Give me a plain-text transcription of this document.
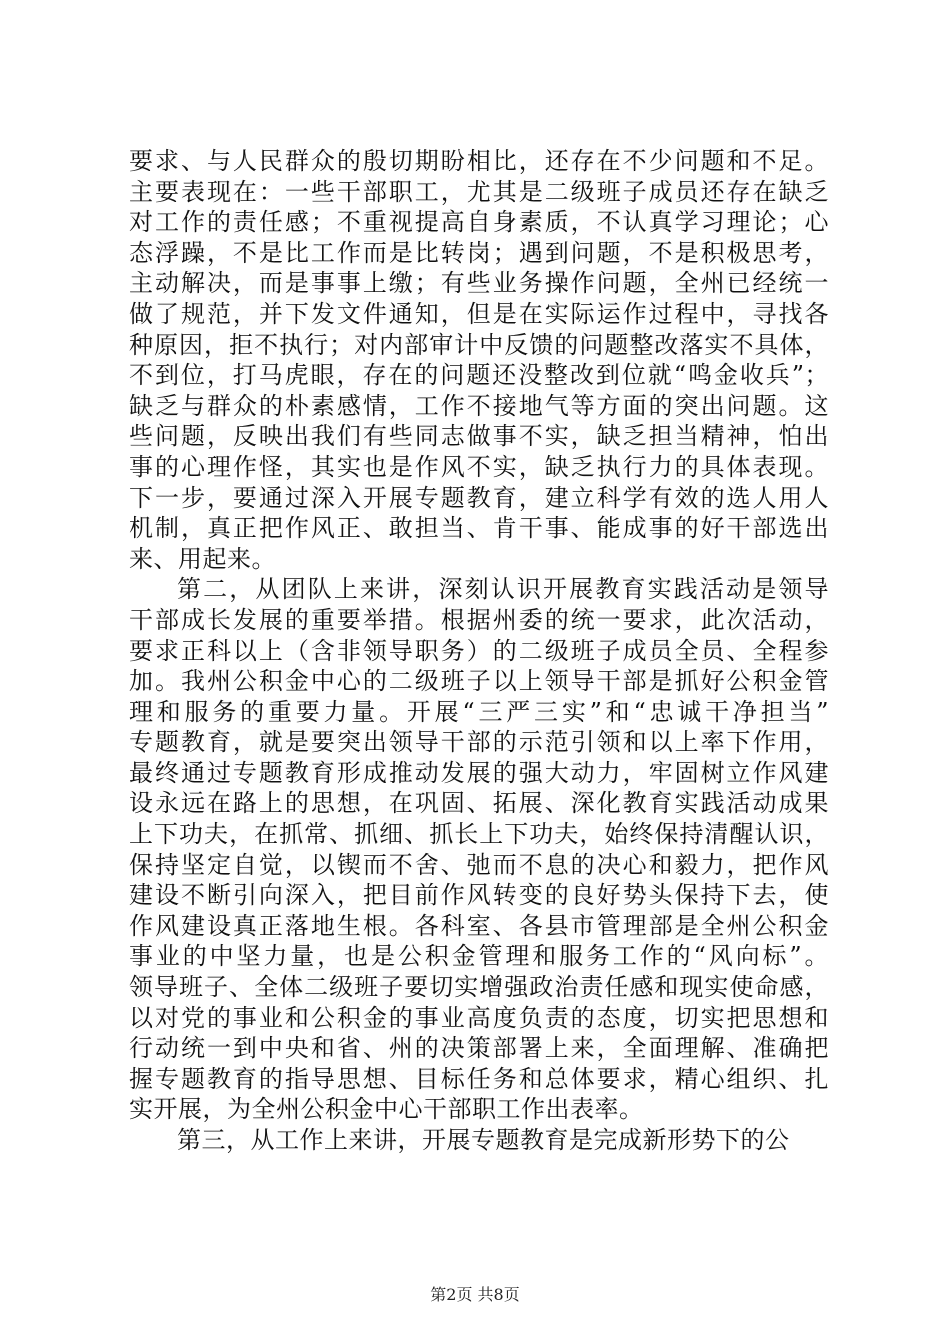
要求、与人民群众的殷切期盼相比，还存在不少问题和不足。
主要表现在：一些干部职工，尤其是二级班子成员还存在缺乏
对工作的责任感；不重视提高自身素质，不认真学习理论；心
态浮躁，不是比工作而是比转岗；遇到问题，不是积极思考，
主动解决，而是事事上缴；有些业务操作问题，全州已经统一
做了规范，并下发文件通知，但是在实际运作过程中，寻找各
种原因，拒不执行；对内部审计中反馈的问题整改落实不具体，
不到位，打马虎眼，存在的问题还没整改到位就“鸣金收兵”；
缺乏与群众的朴素感情，工作不接地气等方面的突出问题。这
些问题，反映出我们有些同志做事不实，缺乏担当精神，怕出
事的心理作怪，其实也是作风不实，缺乏执行力的具体表现。
下一步，要通过深入开展专题教育，建立科学有效的选人用人
机制，真正把作风正、敢担当、肯干事、能成事的好干部选出
来、用起来。
第二，从团队上来讲，深刻认识开展教育实践活动是领导
干部成长发展的重要举措。根据州委的统一要求，此次活动，
要求正科以上（含非领导职务）的二级班子成员全员、全程参
加。我州公积金中心的二级班子以上领导干部是抓好公积金管
理和服务的重要力量。开展“三严三实”和“忠诚干净担当”
专题教育，就是要突出领导干部的示范引领和以上率下作用，
最终通过专题教育形成推动发展的强大动力，牢固树立作风建
设永远在路上的思想，在巩固、拓展、深化教育实践活动成果
上下功夫，在抓常、抓细、抓长上下功夫，始终保持清醒认识，
保持坚定自觉，以锲而不舍、弛而不息的决心和毅力，把作风
建设不断引向深入，把目前作风转变的良好势头保持下去，使
作风建设真正落地生根。各科室、各县市管理部是全州公积金
事业的中坚力量，也是公积金管理和服务工作的“风向标”。
领导班子、全体二级班子要切实增强政治责任感和现实使命感，
以对党的事业和公积金的事业高度负责的态度，切实把思想和
行动统一到中央和省、州的决策部署上来，全面理解、准确把
握专题教育的指导思想、目标任务和总体要求，精心组织、扎
实开展，为全州公积金中心干部职工作出表率。
第三，从工作上来讲，开展专题教育是完成新形势下的公
第2页 共8页
